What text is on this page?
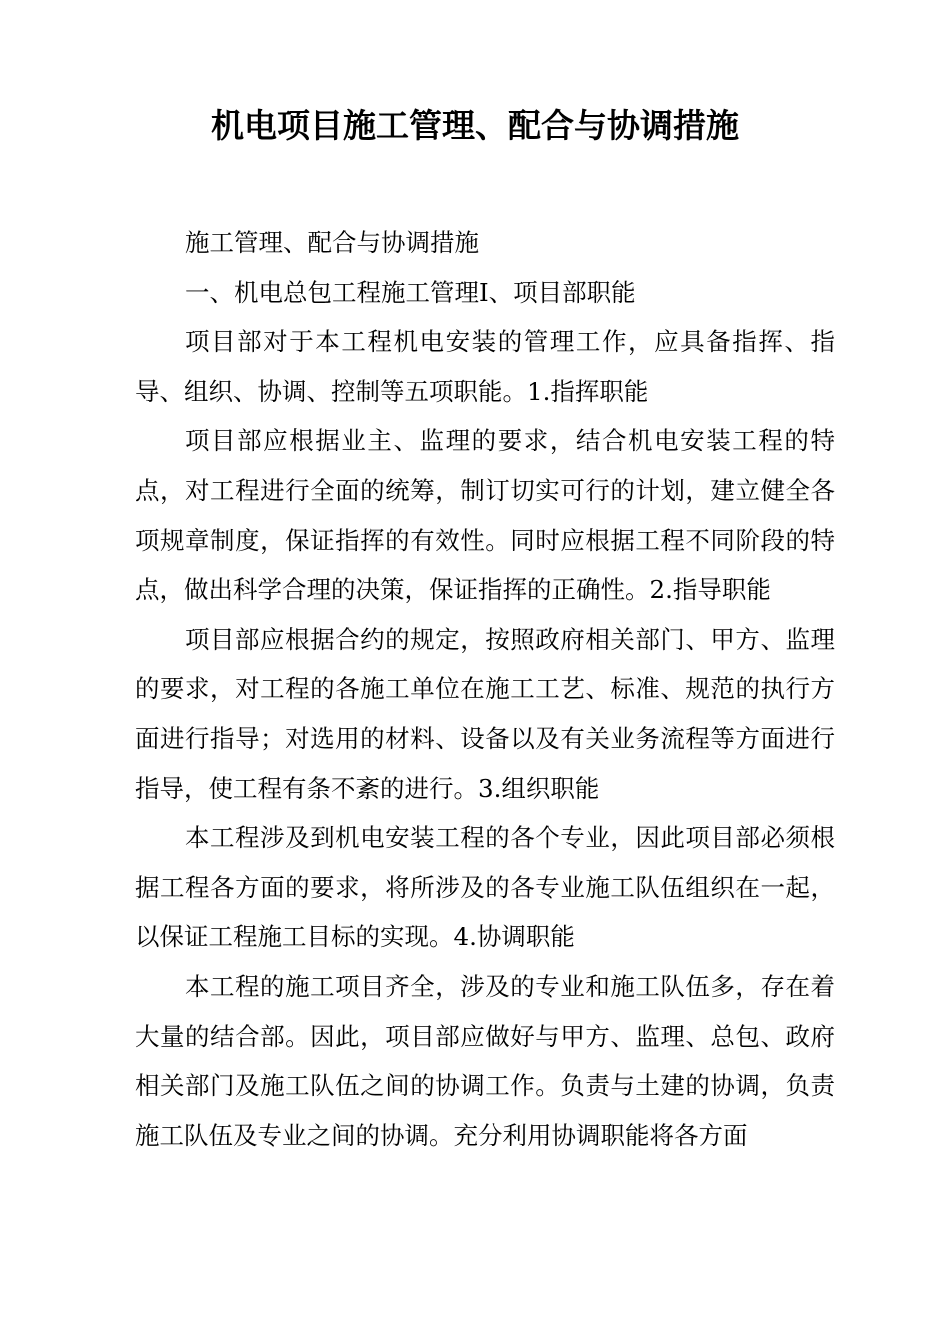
机电项目施工管理、配合与协调措施

施工管理、配合与协调措施

一、机电总包工程施工管理I、项目部职能

项目部对于本工程机电安装的管理工作，应具备指挥、指导、组织、协调、控制等五项职能。1.指挥职能

项目部应根据业主、监理的要求，结合机电安装工程的特点，对工程进行全面的统筹，制订切实可行的计划，建立健全各项规章制度，保证指挥的有效性。同时应根据工程不同阶段的特点，做出科学合理的决策，保证指挥的正确性。2.指导职能

项目部应根据合约的规定，按照政府相关部门、甲方、监理的要求，对工程的各施工单位在施工工艺、标准、规范的执行方面进行指导；对选用的材料、设备以及有关业务流程等方面进行指导，使工程有条不紊的进行。3.组织职能

本工程涉及到机电安装工程的各个专业，因此项目部必须根据工程各方面的要求，将所涉及的各专业施工队伍组织在一起，以保证工程施工目标的实现。4.协调职能

本工程的施工项目齐全，涉及的专业和施工队伍多，存在着大量的结合部。因此，项目部应做好与甲方、监理、总包、政府相关部门及施工队伍之间的协调工作。负责与土建的协调，负责施工队伍及专业之间的协调。充分利用协调职能将各方面
